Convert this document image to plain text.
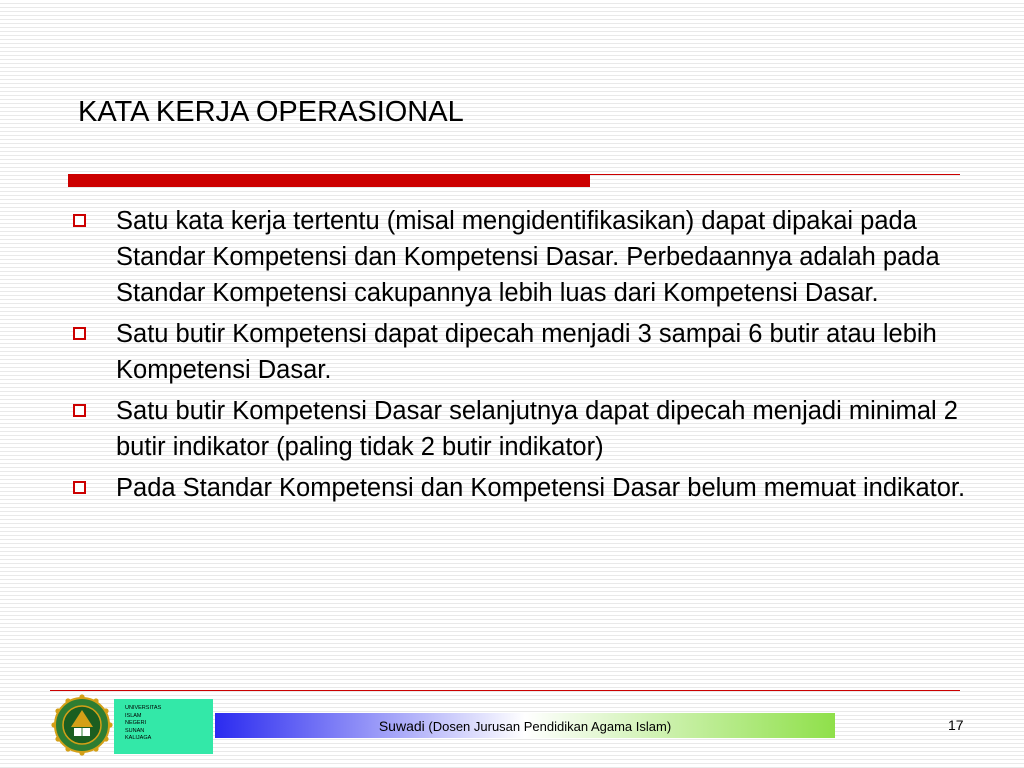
KATA KERJA OPERASIONAL
Satu kata kerja tertentu (misal mengidentifikasikan) dapat dipakai pada Standar Kompetensi dan Kompetensi Dasar. Perbedaannya adalah pada Standar Kompetensi cakupannya lebih luas dari Kompetensi Dasar.
Satu butir Kompetensi dapat dipecah menjadi 3 sampai 6 butir atau lebih Kompetensi Dasar.
Satu butir Kompetensi Dasar selanjutnya dapat dipecah menjadi minimal 2 butir indikator (paling tidak 2 butir indikator)
Pada Standar Kompetensi dan Kompetensi Dasar belum memuat indikator.
UNIVERSITAS
ISLAM
NEGERI
SUNAN
KALIJAGA
Suwadi (Dosen Jurusan Pendidikan Agama Islam)	17
